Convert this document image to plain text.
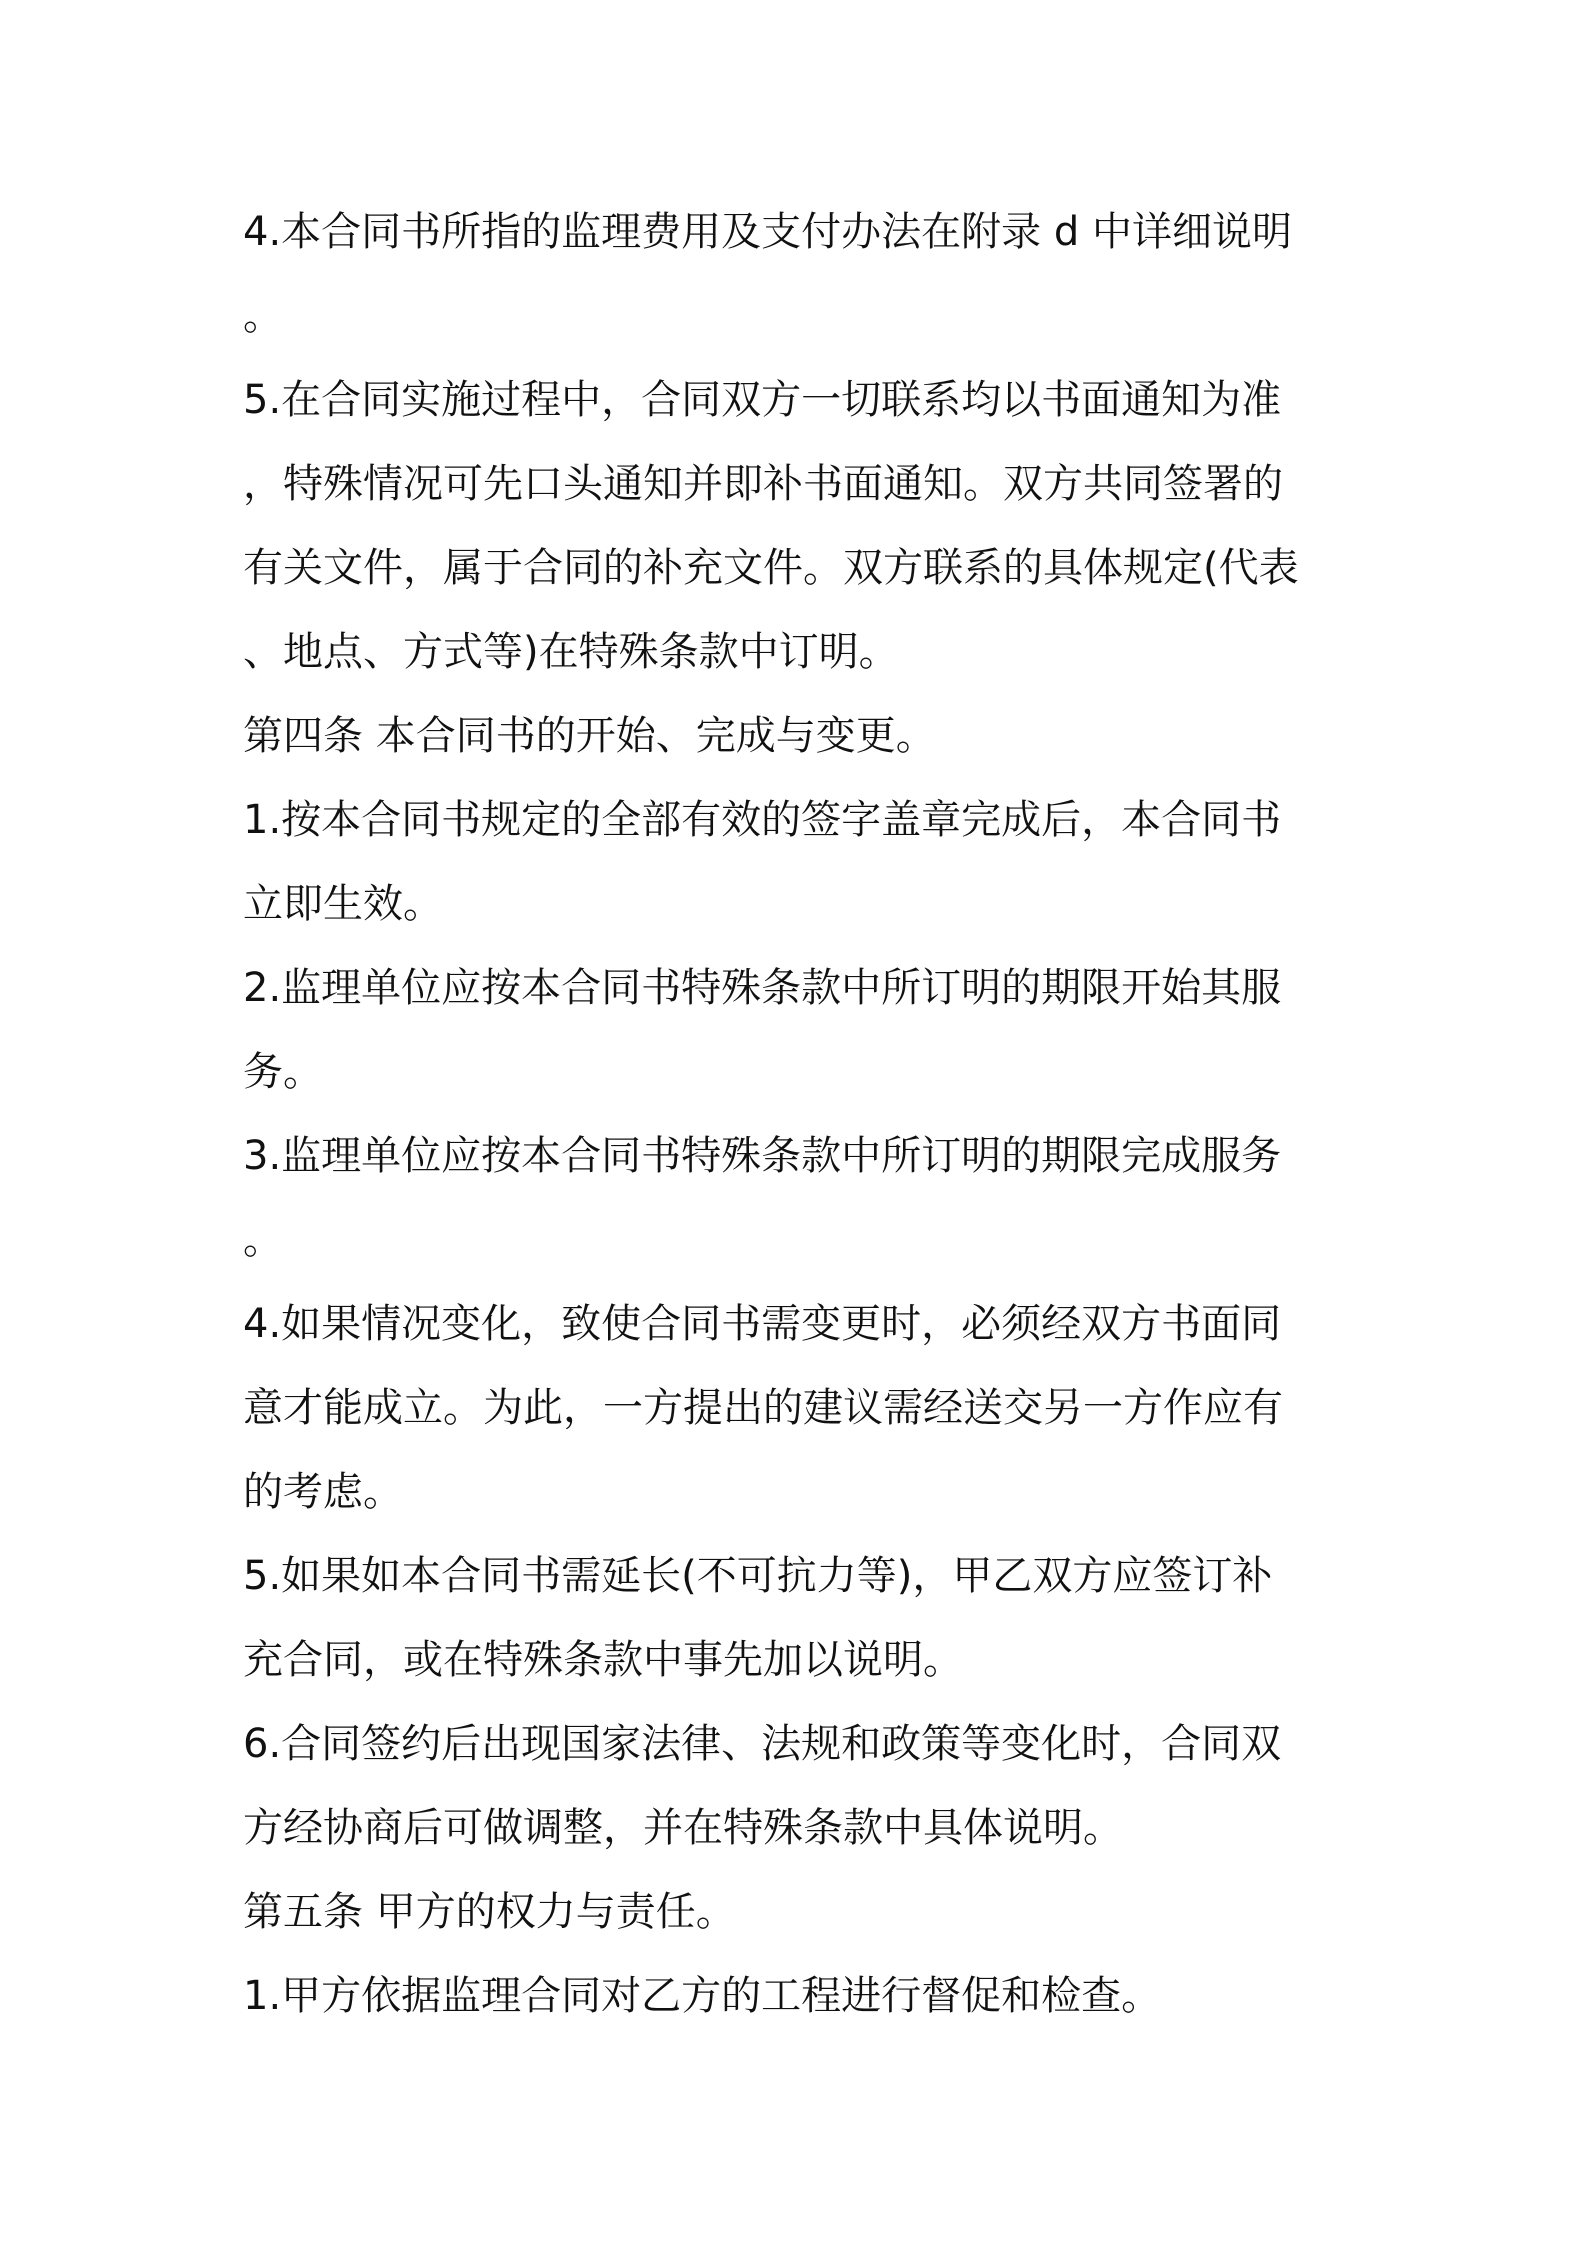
4.本合同书所指的监理费用及支付办法在附录 d 中详细说明
。
5.在合同实施过程中，合同双方一切联系均以书面通知为准
，特殊情况可先口头通知并即补书面通知。双方共同签署的
有关文件，属于合同的补充文件。双方联系的具体规定(代表
、地点、方式等)在特殊条款中订明。
第四条 本合同书的开始、完成与变更。
1.按本合同书规定的全部有效的签字盖章完成后，本合同书
立即生效。
2.监理单位应按本合同书特殊条款中所订明的期限开始其服
务。
3.监理单位应按本合同书特殊条款中所订明的期限完成服务
。
4.如果情况变化，致使合同书需变更时，必须经双方书面同
意才能成立。为此，一方提出的建议需经送交另一方作应有
的考虑。
5.如果如本合同书需延长(不可抗力等)，甲乙双方应签订补
充合同，或在特殊条款中事先加以说明。
6.合同签约后出现国家法律、法规和政策等变化时，合同双
方经协商后可做调整，并在特殊条款中具体说明。
第五条 甲方的权力与责任。
1.甲方依据监理合同对乙方的工程进行督促和检查。
